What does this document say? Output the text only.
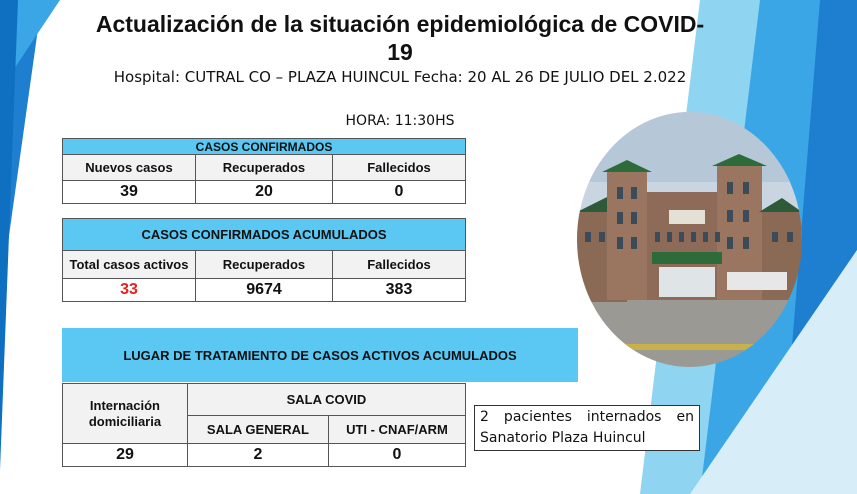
Actualización de la situación epidemiológica de COVID-19
Hospital: CUTRAL CO – PLAZA HUINCUL Fecha: 20 AL 26 DE JULIO DEL 2.022
HORA: 11:30HS
CASOS CONFIRMADOS		
Nuevos casos	Recuperados	Fallecidos
39	20	0
CASOS CONFIRMADOS ACUMULADOS		
Total casos activos	Recuperados	Fallecidos
33	9674	383
LUGAR DE TRATAMIENTO DE CASOS ACTIVOS ACUMULADOS
Internación domiciliaria	SALA COVID	
	SALA GENERAL	UTI - CNAF/ARM
29	2	0
2 pacientes internados en Sanatorio Plaza Huincul
